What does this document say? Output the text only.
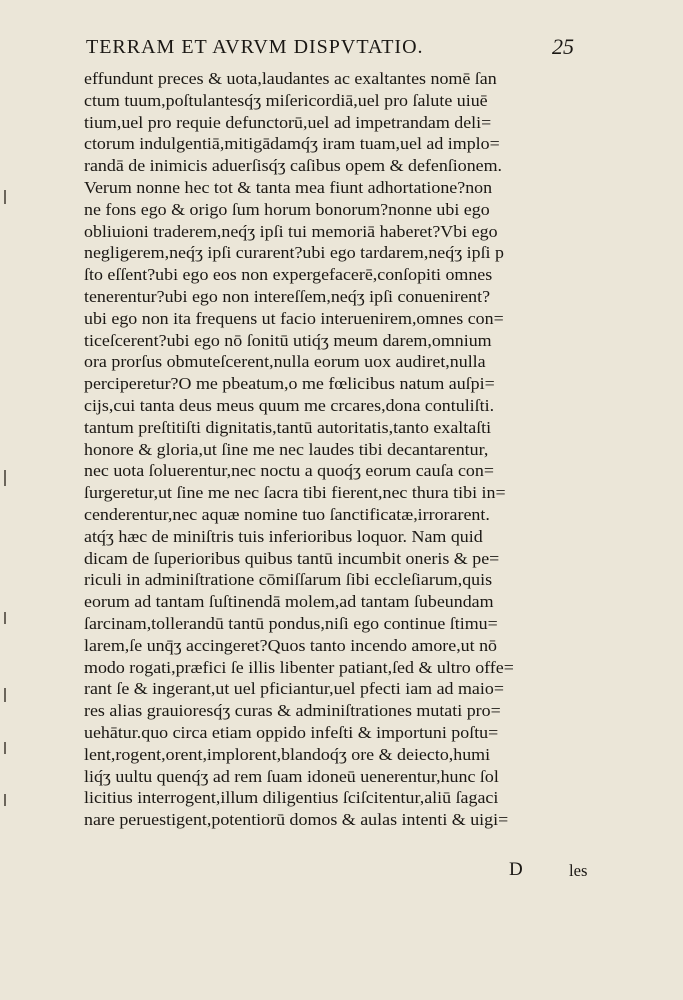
TERRAM ET AVRVM DISPVTATIO.	25
effundunt preces & uota,laudantes ac exaltantes nomē ſan
ctum tuum,poſtulantesq́ʒ miſericordiā,uel pro ſalute uiuē
tium,uel pro requie defunctorū,uel ad impetrandam deli=
ctorum indulgentiā,mitigādamq́ʒ iram tuam,uel ad implo=
randā de inimicis aduerſisq́ʒ caſibus opem & defenſionem.
Verum nonne hec tot & tanta mea fiunt adhortatione?non
ne fons ego & origo ſum horum bonorum?nonne ubi ego
obliuioni traderem,neq́ʒ ipſi tui memoriā haberet?Vbi ego
negligerem,neq́ʒ ipſi curarent?ubi ego tardarem,neq́ʒ ipſi p
ſto eſſent?ubi ego eos non expergefacerē,conſopiti omnes
tenerentur?ubi ego non intereſſem,neq́ʒ ipſi conuenirent?
ubi ego non ita frequens ut facio interuenirem,omnes con=
ticeſcerent?ubi ego nō ſonitū utiq́ʒ meum darem,omnium
ora prorſus obmuteſcerent,nulla eorum uox audiret,nulla
perciperetur?O me pbeatum,o me fœlicibus natum auſpi=
cijs,cui tanta deus meus quum me crcares,dona contuliſti.
tantum preſtitiſti dignitatis,tantū autoritatis,tanto exaltaſti
honore & gloria,ut ſine me nec laudes tibi decantarentur,
nec uota ſoluerentur,nec noctu a quoq́ʒ eorum cauſa con=
ſurgeretur,ut ſine me nec ſacra tibi fierent,nec thura tibi in=
cenderentur,nec aquæ nomine tuo ſanctificatæ,irrorarent.
atq́ʒ hæc de miniſtris tuis inferioribus loquor. Nam quid
dicam de ſuperioribus quibus tantū incumbit oneris & pe=
riculi in adminiſtratione cōmiſſarum ſibi eccleſiarum,quis
eorum ad tantam ſuſtinendā molem,ad tantam ſubeundam
ſarcinam,tollerandū tantū pondus,niſi ego continue ſtimu=
larem,ſe unq̄ʒ accingeret?Quos tanto incendo amore,ut nō
modo rogati,præfici ſe illis libenter patiant,ſed & ultro offe=
rant ſe & ingerant,ut uel pficiantur,uel pfecti iam ad maio=
res alias grauioresq́ʒ curas & adminiſtrationes mutati pro=
uehātur.quo circa etiam oppido infeſti & importuni poſtu=
lent,rogent,orent,implorent,blandoq́ʒ ore & deiecto,humi
liq́ʒ uultu quenq́ʒ ad rem ſuam idoneū uenerentur,hunc ſol
licitius interrogent,illum diligentius ſciſcitentur,aliū ſagaci
nare peruestigent,potentiorū domos & aulas intenti & uigi=
D	les
